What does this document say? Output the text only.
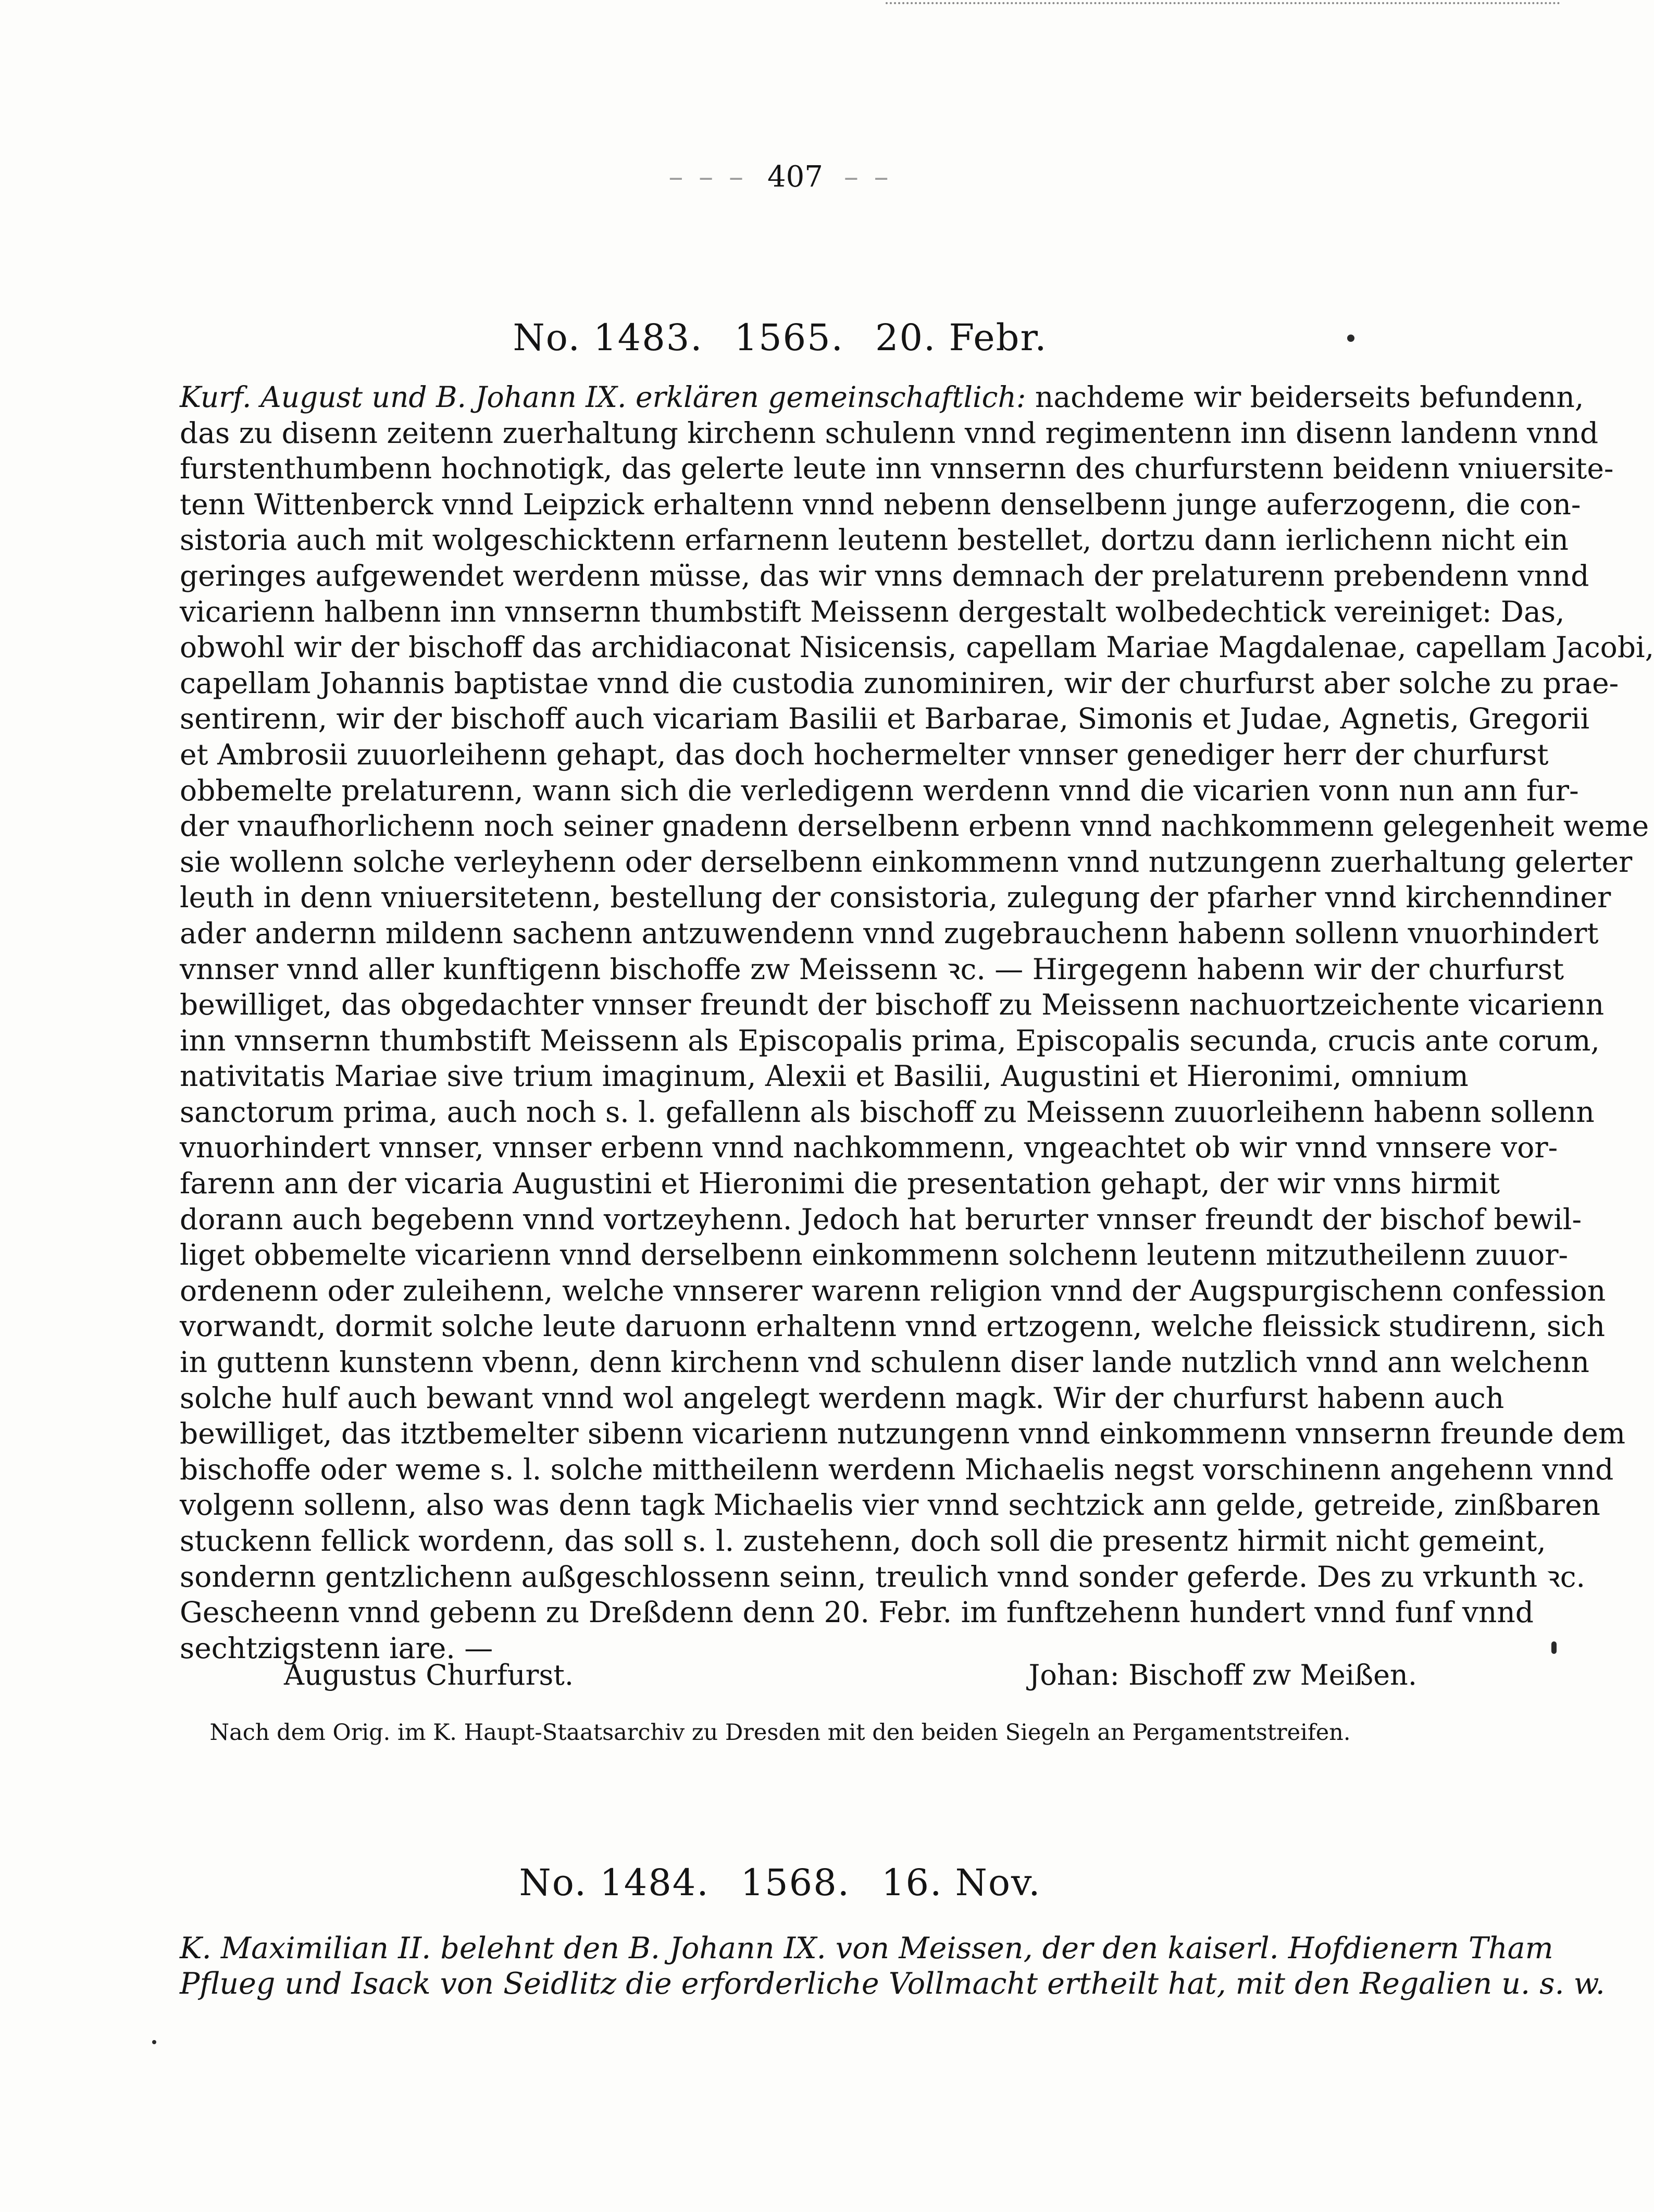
– – – 407 – –
No. 1483. 1565. 20. Febr.
Kurf. August und B. Johann IX. erklären gemeinschaftlich: nachdeme wir beiderseits befundenn,
das zu disenn zeitenn zuerhaltung kirchenn schulenn vnnd regimentenn inn disenn landenn vnnd
furstenthumbenn hochnotigk, das gelerte leute inn vnnsernn des churfurstenn beidenn vniuersite-
tenn Wittenberck vnnd Leipzick erhaltenn vnnd nebenn denselbenn junge auferzogenn, die con-
sistoria auch mit wolgeschicktenn erfarnenn leutenn bestellet, dortzu dann ierlichenn nicht ein
geringes aufgewendet werdenn müsse, das wir vnns demnach der prelaturenn prebendenn vnnd
vicarienn halbenn inn vnnsernn thumbstift Meissenn dergestalt wolbedechtick vereiniget: Das,
obwohl wir der bischoff das archidiaconat Nisicensis, capellam Mariae Magdalenae, capellam Jacobi,
capellam Johannis baptistae vnnd die custodia zunominiren, wir der churfurst aber solche zu prae-
sentirenn, wir der bischoff auch vicariam Basilii et Barbarae, Simonis et Judae, Agnetis, Gregorii
et Ambrosii zuuorleihenn gehapt, das doch hochermelter vnnser genediger herr der churfurst
obbemelte prelaturenn, wann sich die verledigenn werdenn vnnd die vicarien vonn nun ann fur-
der vnaufhorlichenn noch seiner gnadenn derselbenn erbenn vnnd nachkommenn gelegenheit weme
sie wollenn solche verleyhenn oder derselbenn einkommenn vnnd nutzungenn zuerhaltung gelerter
leuth in denn vniuersitetenn, bestellung der consistoria, zulegung der pfarher vnnd kirchenndiner
ader andernn mildenn sachenn antzuwendenn vnnd zugebrauchenn habenn sollenn vnuorhindert
vnnser vnnd aller kunftigenn bischoffe zw Meissenn ꝛc. — Hirgegenn habenn wir der churfurst
bewilliget, das obgedachter vnnser freundt der bischoff zu Meissenn nachuortzeichente vicarienn
inn vnnsernn thumbstift Meissenn als Episcopalis prima, Episcopalis secunda, crucis ante corum,
nativitatis Mariae sive trium imaginum, Alexii et Basilii, Augustini et Hieronimi, omnium
sanctorum prima, auch noch s. l. gefallenn als bischoff zu Meissenn zuuorleihenn habenn sollenn
vnuorhindert vnnser, vnnser erbenn vnnd nachkommenn, vngeachtet ob wir vnnd vnnsere vor-
farenn ann der vicaria Augustini et Hieronimi die presentation gehapt, der wir vnns hirmit
dorann auch begebenn vnnd vortzeyhenn. Jedoch hat berurter vnnser freundt der bischof bewil-
liget obbemelte vicarienn vnnd derselbenn einkommenn solchenn leutenn mitzutheilenn zuuor-
ordenenn oder zuleihenn, welche vnnserer warenn religion vnnd der Augspurgischenn confession
vorwandt, dormit solche leute daruonn erhaltenn vnnd ertzogenn, welche fleissick studirenn, sich
in guttenn kunstenn vbenn, denn kirchenn vnd schulenn diser lande nutzlich vnnd ann welchenn
solche hulf auch bewant vnnd wol angelegt werdenn magk. Wir der churfurst habenn auch
bewilliget, das itztbemelter sibenn vicarienn nutzungenn vnnd einkommenn vnnsernn freunde dem
bischoffe oder weme s. l. solche mittheilenn werdenn Michaelis negst vorschinenn angehenn vnnd
volgenn sollenn, also was denn tagk Michaelis vier vnnd sechtzick ann gelde, getreide, zinßbaren
stuckenn fellick wordenn, das soll s. l. zustehenn, doch soll die presentz hirmit nicht gemeint,
sondernn gentzlichenn außgeschlossenn seinn, treulich vnnd sonder geferde. Des zu vrkunth ꝛc.
Gescheenn vnnd gebenn zu Dreßdenn denn 20. Febr. im funftzehenn hundert vnnd funf vnnd
sechtzigstenn iare. —
Augustus Churfurst.	Johan: Bischoff zw Meißen.
Nach dem Orig. im K. Haupt-Staatsarchiv zu Dresden mit den beiden Siegeln an Pergamentstreifen.
No. 1484. 1568. 16. Nov.
K. Maximilian II. belehnt den B. Johann IX. von Meissen, der den kaiserl. Hofdienern Tham
Pflueg und Isack von Seidlitz die erforderliche Vollmacht ertheilt hat, mit den Regalien u. s. w.
